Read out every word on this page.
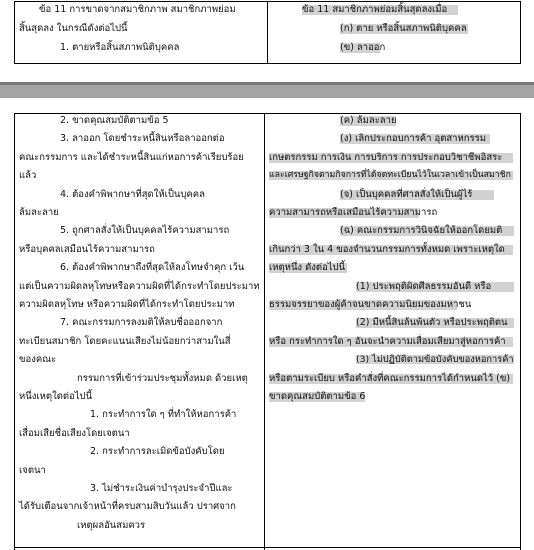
ข้อ 11 การขาดจากสมาชิกภาพ สมาชิกภาพย่อม
สิ้นสุดลง ในกรณีดังต่อไปนี้
1. ตายหรือสิ้นสภาพนิติบุคคล
ข้อ 11 สมาชิกภาพย่อมสิ้นสุดลงเมื่อ
(ก) ตาย หรือสิ้นสภาพนิติบุคคล
(ข) ลาออก
2. ขาดคุณสมบัติตามข้อ 5
3. ลาออก โดยชำระหนี้สินหรือลาออกต่อ
คณะกรรมการ และได้ชำระหนี้สินแก่หอการค้าเรียบร้อย
แล้ว
4. ต้องคำพิพากษาที่สุดให้เป็นบุคคล
ล้มละลาย
5. ถูกศาลสั่งให้เป็นบุคคลไร้ความสามารถ
หรือบุคคลเสมือนไร้ความสามารถ
6. ต้องคำพิพากษาถึงที่สุดให้ลงโทษจำคุก เว้น
แต่เป็นความผิดลหุโทษหรือความผิดที่ได้กระทำโดยประมาท
ความผิดลหุโทษ หรือความผิดที่ได้กระทำโดยประมาท
7. คณะกรรมการลงมติให้ลบชื่อออกจาก
ทะเบียนสมาชิก โดยคะแนนเสียงไม่น้อยกว่าสามในสี่
ของคณะ
กรรมการที่เข้าร่วมประชุมทั้งหมด ด้วยเหตุ
หนึ่งเหตุใดต่อไปนี้
1. กระทำการใด ๆ ที่ทำให้หอการค้า
เสื่อมเสียชื่อเสียงโดยเจตนา
2. กระทำการละเมิดข้อบังคับโดย
เจตนา
3. ไม่ชำระเงินค่าบำรุงประจำปีและ
ได้รับเตือนจากเจ้าหน้าที่ครบสามสิบวันแล้ว ปราศจาก
เหตุผลอันสมควร
(ค) ล้มละลาย
(ง) เลิกประกอบการค้า อุตสาหกรรม
เกษตรกรรม การเงิน การบริการ การประกอบวิชาชีพอิสระ
และเศรษฐกิจตามกิจการที่ได้จดทะเบียนไว้ในเวลาเข้าเป็นสมาชิก
(จ) เป็นบุคคลที่ศาลสั่งให้เป็นผู้ไร้
ความสามารถหรือเสมือนไร้ความสามารถ
(ฉ) คณะกรรมการวินิจฉัยให้ออกโดยมติ
เกินกว่า 3 ใน 4 ของจำนวนกรรมการทั้งหมด เพราะเหตุใด
เหตุหนึ่ง ดังต่อไปนี้
(1) ประพฤติผิดศีลธรรมอันดี หรือ
ธรรมจรรยาของผู้ค้าจนขาดความนิยมของมหาชน
(2) มีหนี้สินล้นพ้นตัว หรือประพฤติตน
หรือ กระทำการใด ๆ อันจะนำความเสื่อมเสียมาสู่หอการค้า
(3) ไม่ปฏิบัติตามข้อบังคับของหอการค้า
หรือตามระเบียบ หรือคำสั่งที่คณะกรรมการได้กำหนดไว้ (ข)
ขาดคุณสมบัติตามข้อ 6
